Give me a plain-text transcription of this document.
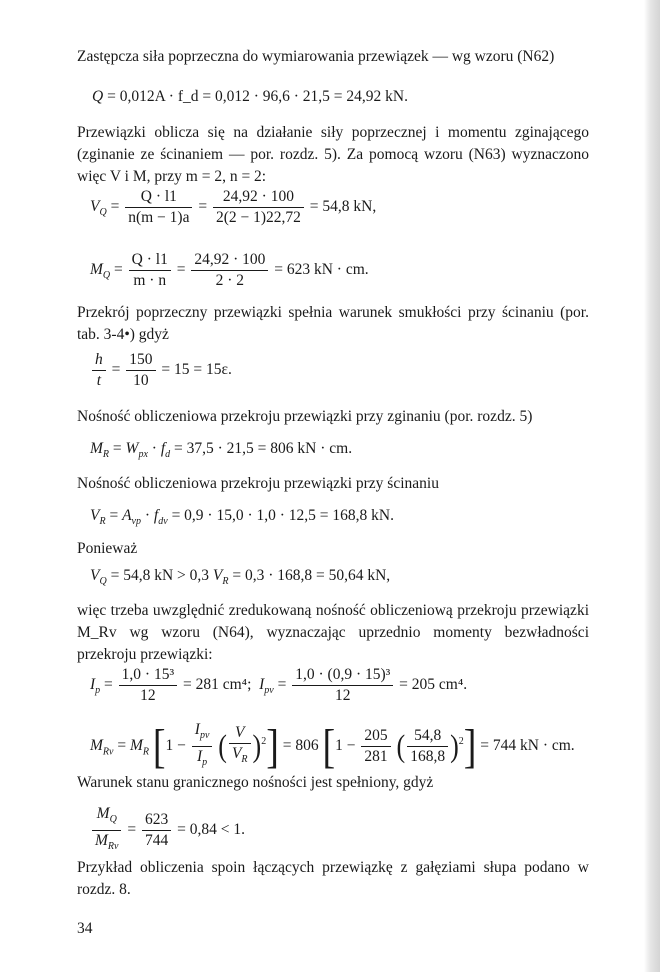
Zastępcza siła poprzeczna do wymiarowania przewiązek — wg wzoru (N62)

Q = 0,012A · f_d = 0,012 · 96,6 · 21,5 = 24,92 kN.

Przewiązki oblicza się na działanie siły poprzecznej i momentu zginającego (zginanie ze ścinaniem — por. rozdz. 5). Za pomocą wzoru (N63) wyznaczono więc V i M, przy m = 2, n = 2:

$V_Q = \frac{Q \cdot l1}{n(m - 1)a} = \frac{24,92 \cdot 100}{2(2 - 1)22,72} = 54,8$ kN,
$M_Q = \frac{Q \cdot l1}{m \cdot n} = \frac{24,92 \cdot 100}{2 \cdot 2} = 623$ kN · cm.

Przekrój poprzeczny przewiązki spełnia warunek smukłości przy ścinaniu (por. tab. 3-4•) gdyż

$\frac{h}{t} = \frac{150}{10} = 15 = 15\varepsilon$.

Nośność obliczeniowa przekroju przewiązki przy zginaniu (por. rozdz. 5)

$M_R = W_{px} \cdot f_d = 37,5 \cdot 21,5 = 806$ kN · cm.

Nośność obliczeniowa przekroju przewiązki przy ścinaniu

$V_R = A_{vp} \cdot f_{dv} = 0,9 \cdot 15,0 \cdot 1,0 \cdot 12,5 = 168,8$ kN.

Ponieważ

$V_Q = 54,8$ kN > 0,3 $V_R = 0,3 \cdot 168,8 = 50,64$ kN,

więc trzeba uwzględnić zredukowaną nośność obliczeniową przekroju przewiązki M_Rv wg wzoru (N64), wyznaczając uprzednio momenty bezwładności przekroju przewiązki:

$I_p = \frac{\text{1,0 · 15³}}{12} = 281$ cm⁴; $I_{pv} = \frac{\text{1,0 · (0,9 · 15)³}}{12} = 205$ cm⁴.
$M_{Rv} = M_R$ [$1 - \frac{I_{pv}}{I_p}$ ( $\frac{V}{V_R} )^2] = 806$ [$1 - \frac{205}{281}$ ( $\frac{54,8}{168,8} )^2] = 744$ kN · cm.

Warunek stanu granicznego nośności jest spełniony, gdyż

$\frac{M_Q}{M_{Rv}} = \frac{623}{744} = 0,84 < 1$.

Przykład obliczenia spoin łączących przewiązkę z gałęziami słupa podano w rozdz. 8.

34
